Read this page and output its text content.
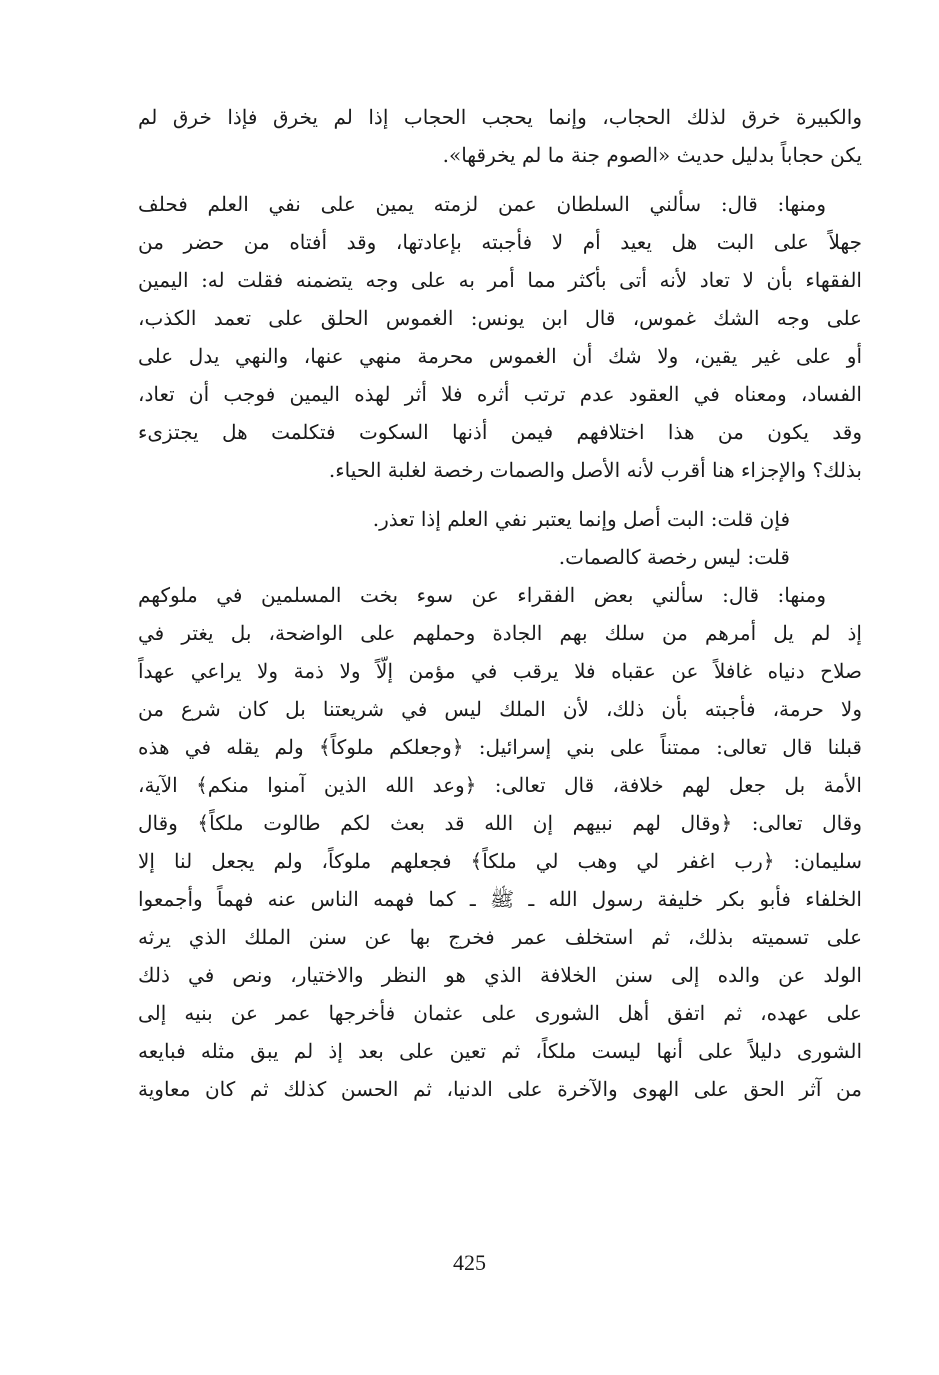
والكبيرة خرق لذلك الحجاب، وإنما يحجب الحجاب إذا لم يخرق فإذا خرق لم
يكن حجاباً بدليل حديث «الصوم جنة ما لم يخرقها».
ومنها: قال: سألني السلطان عمن لزمته يمين على نفي العلم فحلف
جهلاً على البت هل يعيد أم لا فأجبته بإعادتها، وقد أفتاه من حضر من
الفقهاء بأن لا تعاد لأنه أتى بأكثر مما أمر به على وجه يتضمنه فقلت له: اليمين
على وجه الشك غموس، قال ابن يونس: الغموس الحلق على تعمد الكذب،
أو على غير يقين، ولا شك أن الغموس محرمة منهي عنها، والنهي يدل على
الفساد، ومعناه في العقود عدم ترتب أثره فلا أثر لهذه اليمين فوجب أن تعاد،
وقد يكون من هذا اختلافهم فيمن أذنها السكوت فتكلمت هل يجتزىء
بذلك؟ والإجزاء هنا أقرب لأنه الأصل والصمات رخصة لغلبة الحياء.
فإن قلت: البت أصل وإنما يعتبر نفي العلم إذا تعذر.
قلت: ليس رخصة كالصمات.
ومنها: قال: سألني بعض الفقراء عن سوء بخت المسلمين في ملوكهم
إذ لم يل أمرهم من سلك بهم الجادة وحملهم على الواضحة، بل يغتر في
صلاح دنياه غافلاً عن عقباه فلا يرقب في مؤمن إلّاً ولا ذمة ولا يراعي عهداً
ولا حرمة، فأجبته بأن ذلك، لأن الملك ليس في شريعتنا بل كان شرع من
قبلنا قال تعالى: ممتناً على بني إسرائيل: ﴿وجعلكم ملوكاً﴾ ولم يقله في هذه
الأمة بل جعل لهم خلافة، قال تعالى: ﴿وعد الله الذين آمنوا منكم﴾ الآية،
وقال تعالى: ﴿وقال لهم نبيهم إن الله قد بعث لكم طالوت ملكاً﴾ وقال
سليمان: ﴿رب اغفر لي وهب لي ملكاً﴾ فجعلهم ملوكاً، ولم يجعل لنا إلا
الخلفاء فأبو بكر خليفة رسول الله ـ ﷺ ـ كما فهمه الناس عنه فهماً وأجمعوا
على تسميته بذلك، ثم استخلف عمر فخرج بها عن سنن الملك الذي يرثه
الولد عن والده إلى سنن الخلافة الذي هو النظر والاختيار، ونص في ذلك
على عهده، ثم اتفق أهل الشورى على عثمان فأخرجها عمر عن بنيه إلى
الشورى دليلاً على أنها ليست ملكاً، ثم تعين على بعد إذ لم يبق مثله فبايعه
من آثر الحق على الهوى والآخرة على الدنيا، ثم الحسن كذلك ثم كان معاوية
425
